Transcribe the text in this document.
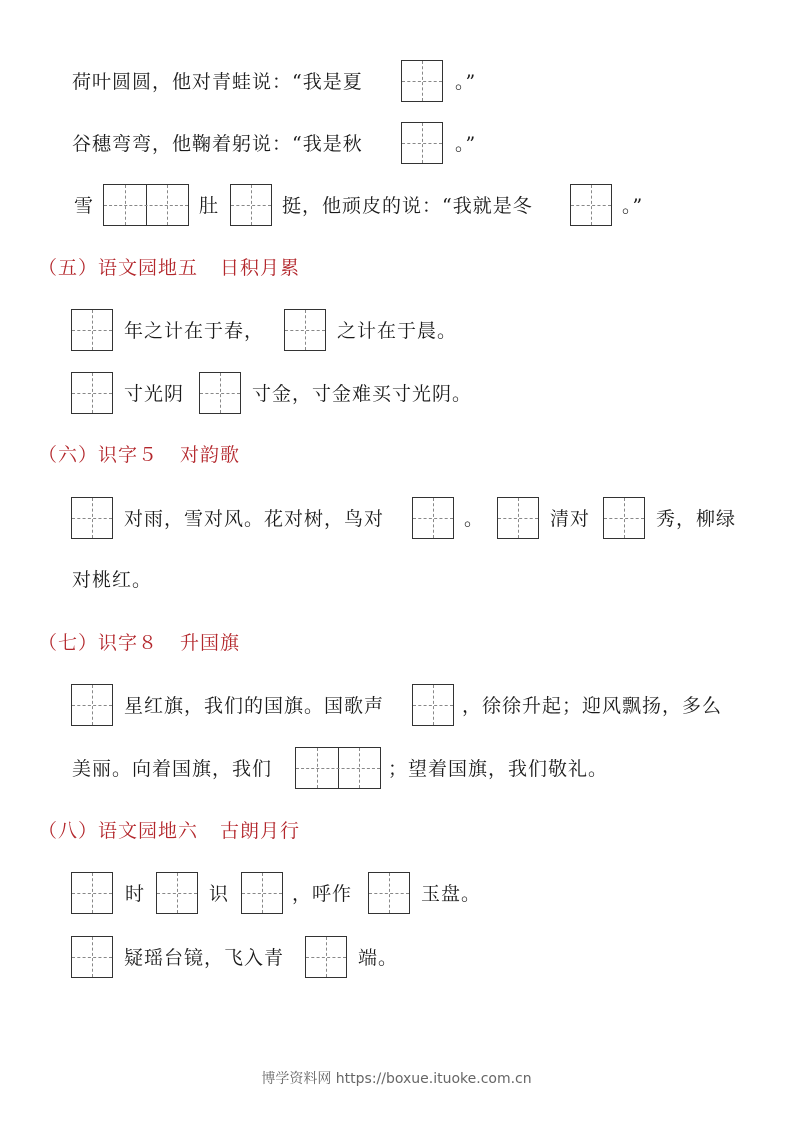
荷叶圆圆，他对青蛙说：“我是夏	。”
谷穗弯弯，他鞠着躬说：“我是秋	。”
雪	肚	挺，他顽皮的说：“我就是冬	。”
（五）语文园地五 日积月累
年之计在于春，	之计在于晨。
寸光阴	寸金，寸金难买寸光阴。
（六）识字５ 对韵歌
对雨，雪对风。花对树，鸟对	。	清对	秀，柳绿
对桃红。
（七）识字８ 升国旗
星红旗，我们的国旗。国歌声	，徐徐升起；迎风飘扬，多么
美丽。向着国旗，我们	；望着国旗，我们敬礼。
（八）语文园地六 古朗月行
时	识	，呼作	玉盘。
疑瑶台镜，飞入青	端。
博学资料网 https://boxue.ituoke.com.cn
